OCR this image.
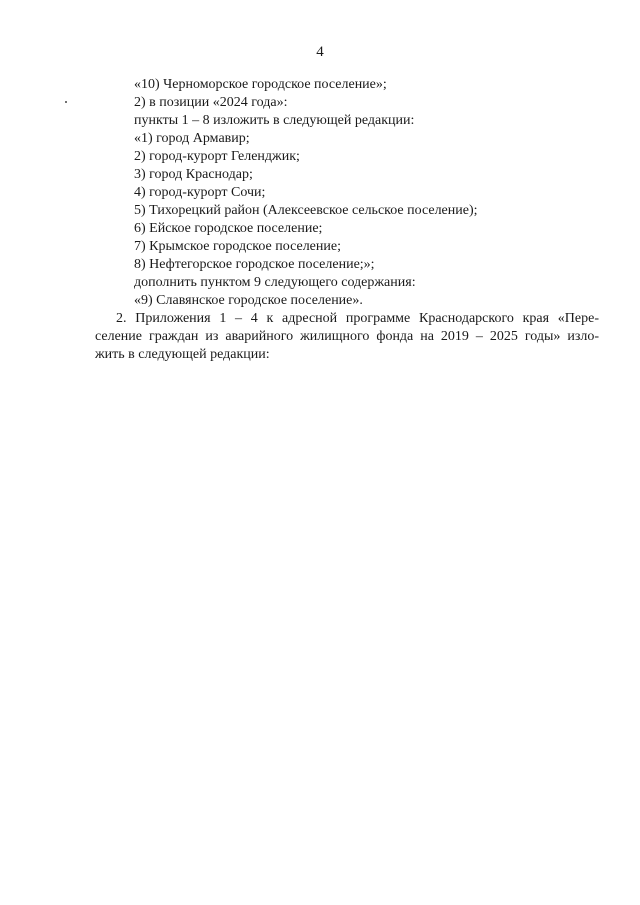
4
«10) Черноморское городское поселение»;
2) в позиции «2024 года»:
пункты 1 – 8 изложить в следующей редакции:
«1) город Армавир;
2) город-курорт Геленджик;
3) город Краснодар;
4) город-курорт Сочи;
5) Тихорецкий район (Алексеевское сельское поселение);
6) Ейское городское поселение;
7) Крымское городское поселение;
8) Нефтегорское городское поселение;»;
дополнить пунктом 9 следующего содержания:
«9) Славянское городское поселение».
2. Приложения 1 – 4 к адресной программе Краснодарского края «Пере-
селение граждан из аварийного жилищного фонда на 2019 – 2025 годы» изло-
жить в следующей редакции:
